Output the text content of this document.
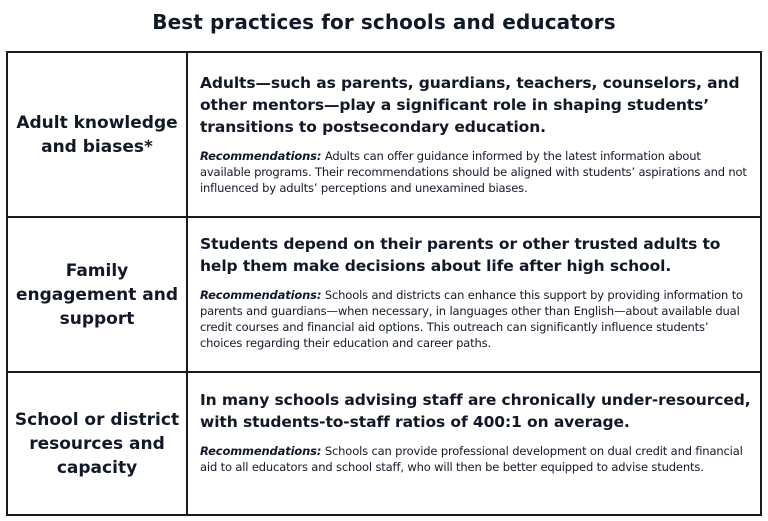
Best practices for schools and educators
Adult knowledge and biases*
Adults—such as parents, guardians, teachers, counselors, and other mentors—play a significant role in shaping students’ transitions to postsecondary education.
Recommendations: Adults can offer guidance informed by the latest information about available programs. Their recommendations should be aligned with students’ aspirations and not influenced by adults’ perceptions and unexamined biases.
Family engagement and support
Students depend on their parents or other trusted adults to help them make decisions about life after high school.
Recommendations: Schools and districts can enhance this support by providing information to parents and guardians—when necessary, in languages other than English—about available dual credit courses and financial aid options. This outreach can significantly influence students’ choices regarding their education and career paths.
School or district resources and capacity
In many schools advising staff are chronically under-resourced, with students-to-staff ratios of 400:1 on average.
Recommendations: Schools can provide professional development on dual credit and financial aid to all educators and school staff, who will then be better equipped to advise students.
